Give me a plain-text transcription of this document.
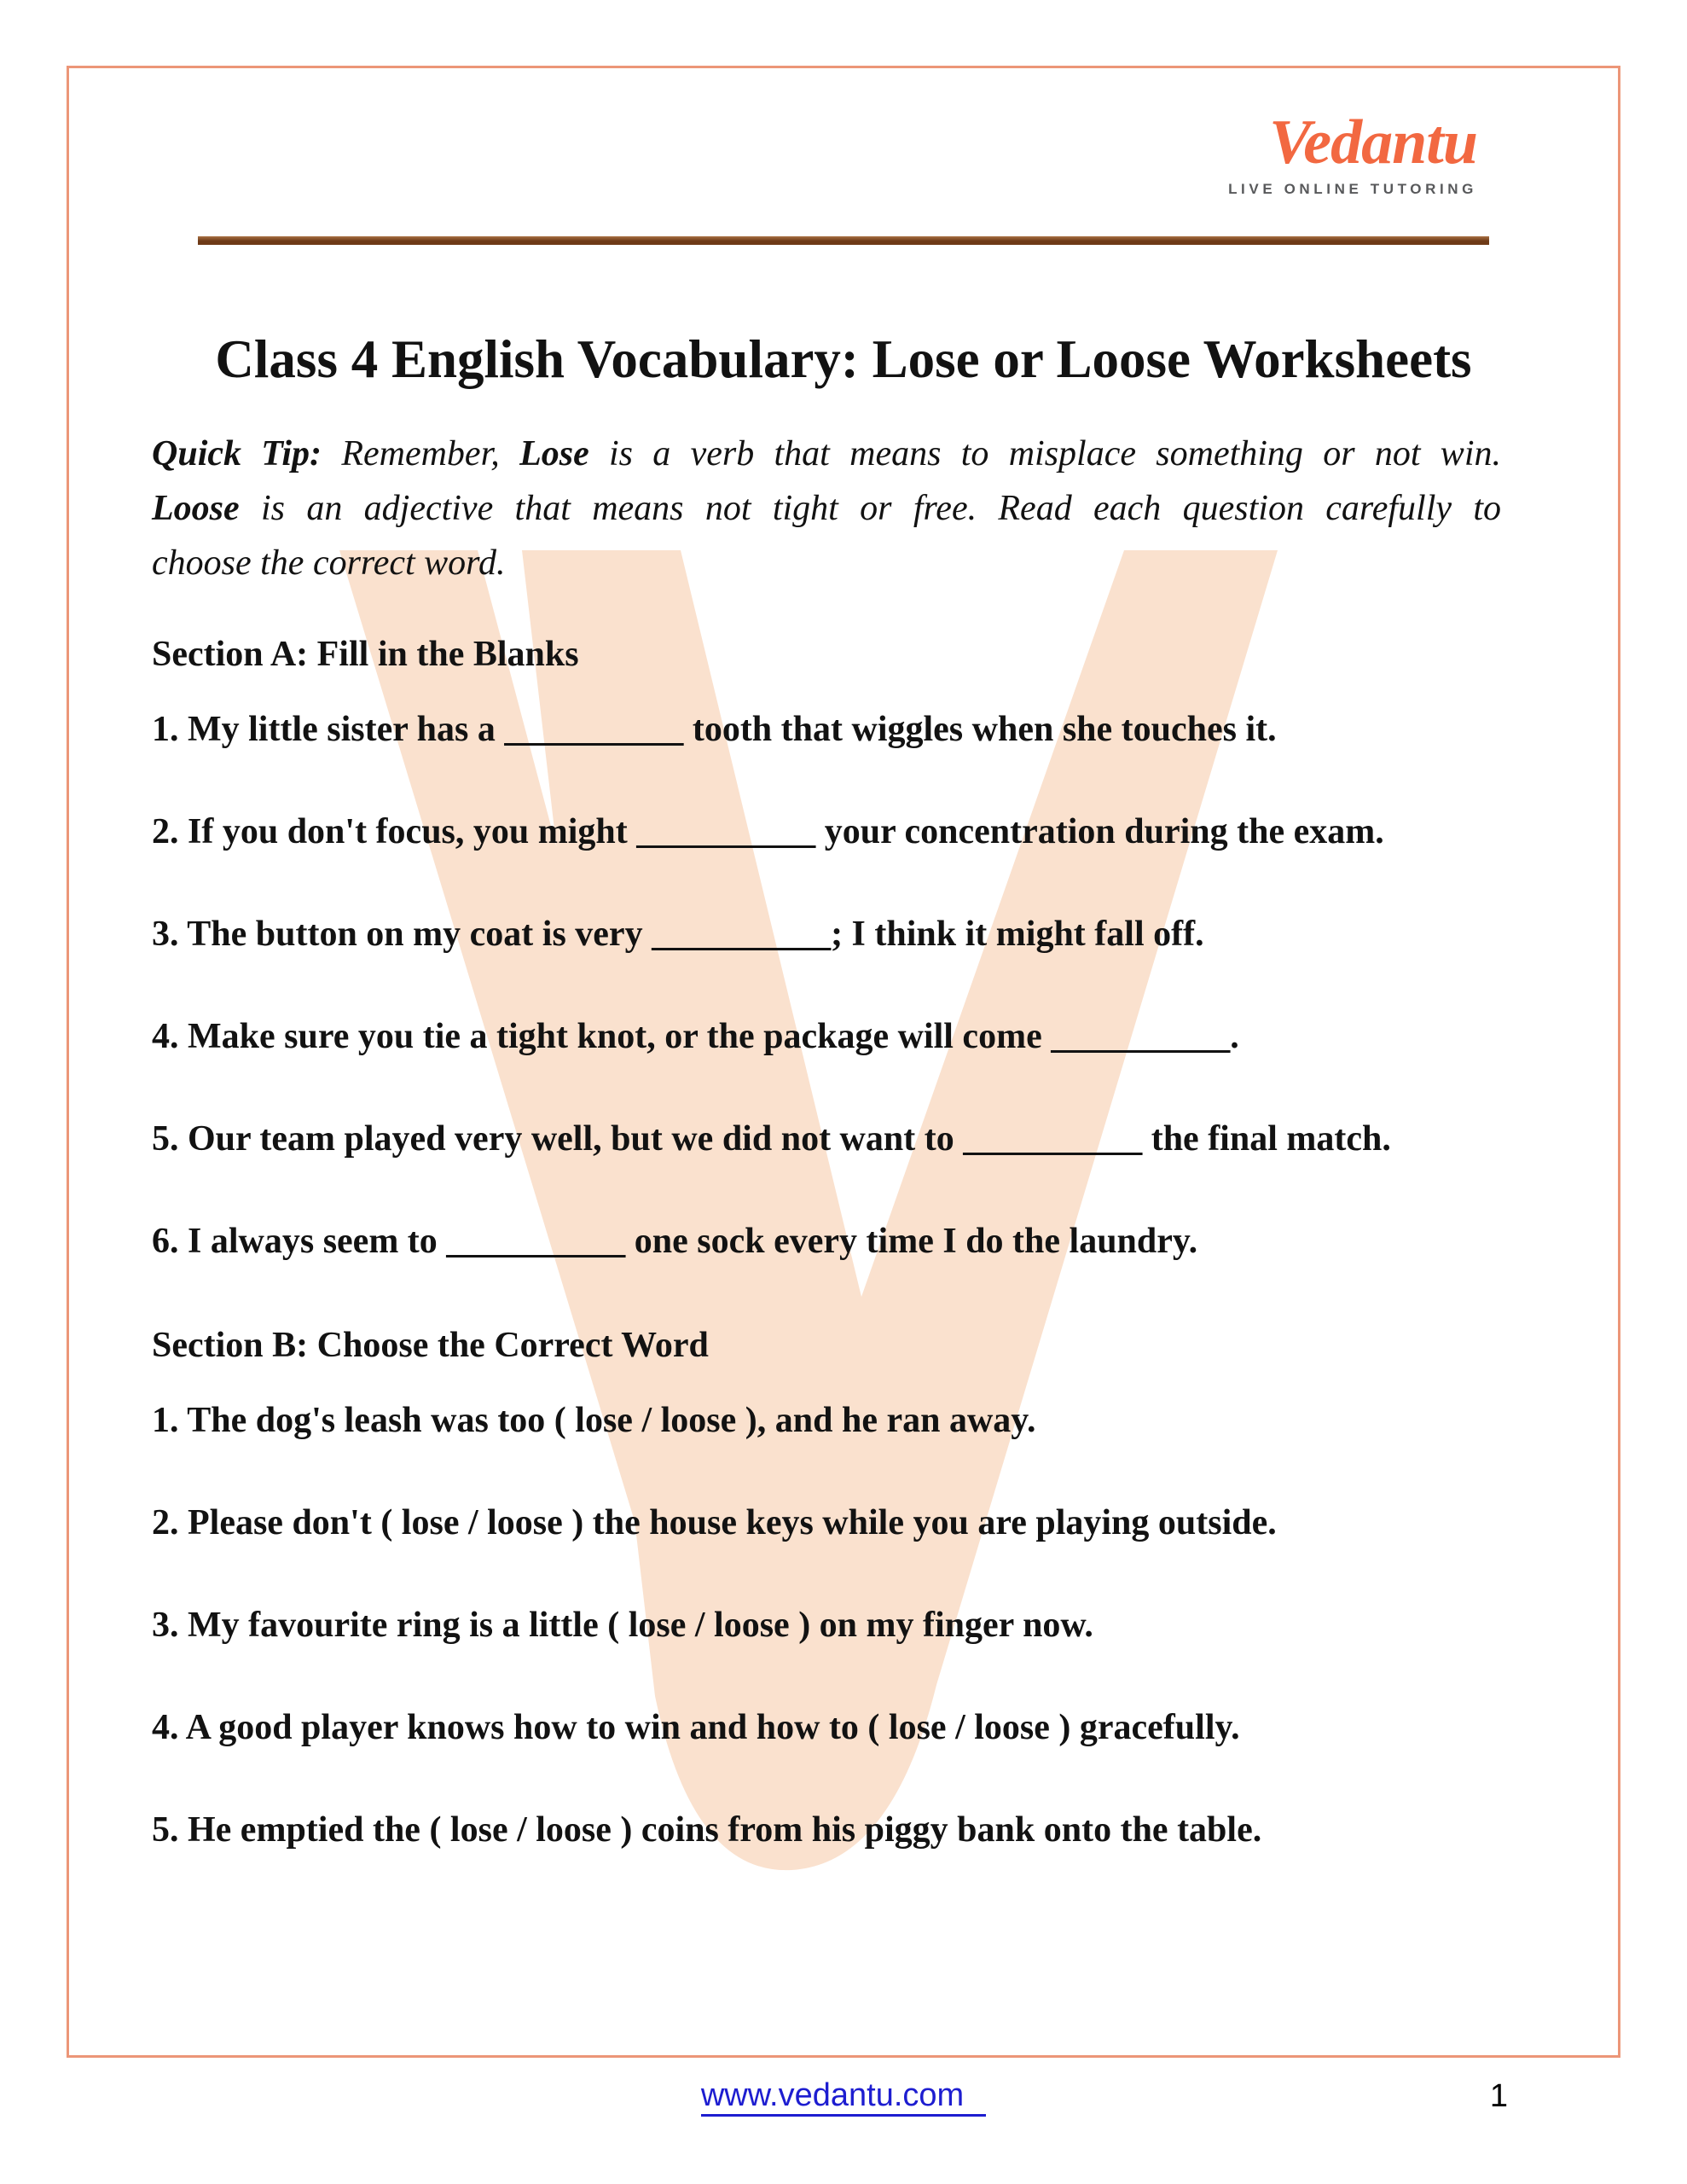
Vedantu
LIVE ONLINE TUTORING
Class 4 English Vocabulary: Lose or Loose Worksheets
Quick Tip: Remember, Lose is a verb that means to misplace something or not win.
Loose is an adjective that means not tight or free. Read each question carefully to
choose the correct word.
Section A: Fill in the Blanks
1. My little sister has a __________ tooth that wiggles when she touches it.
2. If you don't focus, you might __________ your concentration during the exam.
3. The button on my coat is very __________; I think it might fall off.
4. Make sure you tie a tight knot, or the package will come __________.
5. Our team played very well, but we did not want to __________ the final match.
6. I always seem to __________ one sock every time I do the laundry.
Section B: Choose the Correct Word
1. The dog's leash was too ( lose / loose ), and he ran away.
2. Please don't ( lose / loose ) the house keys while you are playing outside.
3. My favourite ring is a little ( lose / loose ) on my finger now.
4. A good player knows how to win and how to ( lose / loose ) gracefully.
5. He emptied the ( lose / loose ) coins from his piggy bank onto the table.
www.vedantu.com	1
